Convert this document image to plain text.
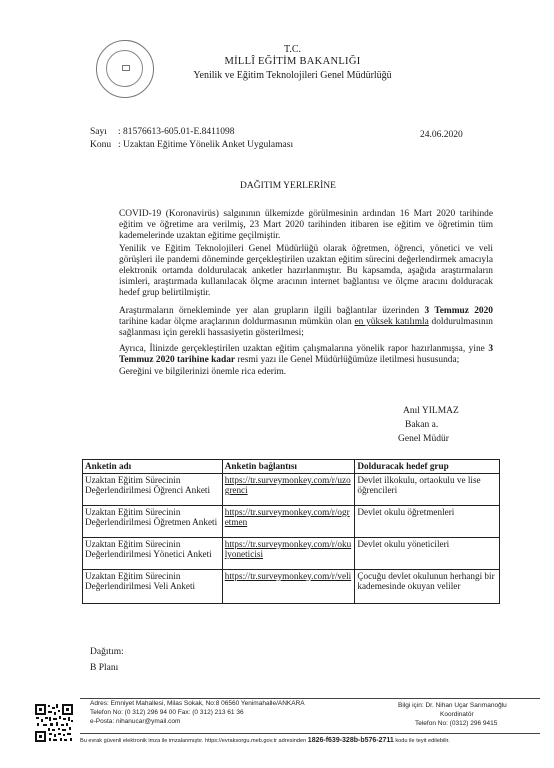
T.C.
MİLLÎ EĞİTİM BAKANLIĞI
Yenilik ve Eğitim Teknolojileri Genel Müdürlüğü
Sayı : 81576613-605.01-E.8411098	24.06.2020
Konu : Uzaktan Eğitime Yönelik Anket Uygulaması
DAĞITIM YERLERİNE
COVID-19 (Koronavirüs) salgınının ülkemizde görülmesinin ardından 16 Mart 2020 tarihinde eğitim ve öğretime ara verilmiş, 23 Mart 2020 tarihinden itibaren ise eğitim ve öğretimin tüm kademelerinde uzaktan eğitime geçilmiştir.
Yenilik ve Eğitim Teknolojileri Genel Müdürlüğü olarak öğretmen, öğrenci, yönetici ve veli görüşleri ile pandemi döneminde gerçekleştirilen uzaktan eğitim sürecini değerlendirmek amacıyla elektronik ortamda doldurulacak anketler hazırlanmıştır. Bu kapsamda, aşağıda araştırmaların isimleri, araştırmada kullanılacak ölçme aracının internet bağlantısı ve ölçme aracını dolduracak hedef grup belirtilmiştir.
Araştırmaların örnekleminde yer alan grupların ilgili bağlantılar üzerinden 3 Temmuz 2020 tarihine kadar ölçme araçlarının doldurmasının mümkün olan en yüksek katılımla doldurulmasının sağlanması için gerekli hassasiyetin gösterilmesi;
Ayrıca, İlinizde gerçekleştirilen uzaktan eğitim çalışmalarına yönelik rapor hazırlanmışsa, yine 3 Temmuz 2020 tarihine kadar resmi yazı ile Genel Müdürlüğümüze iletilmesi hususunda;
Gereğini ve bilgilerinizi önemle rica ederim.
Anıl YILMAZ
Bakan a.
Genel Müdür
Anketin adı	Anketin bağlantısı	Dolduracak hedef grup
Uzaktan Eğitim Sürecinin Değerlendirilmesi Öğrenci Anketi	https://tr.surveymonkey.com/r/uzogrenci	Devlet ilkokulu, ortaokulu ve lise öğrencileri
Uzaktan Eğitim Sürecinin Değerlendirilmesi Öğretmen Anketi	https://tr.surveymonkey.com/r/ogretmen	Devlet okulu öğretmenleri
Uzaktan Eğitim Sürecinin Değerlendirilmesi Yönetici Anketi	https://tr.surveymonkey.com/r/okulyoneticisi	Devlet okulu yöneticileri
Uzaktan Eğitim Sürecinin Değerlendirilmesi Veli Anketi	https://tr.surveymonkey.com/r/veli	Çocuğu devlet okulunun herhangi bir kademesinde okuyan veliler
Dağıtım:
B Planı
Adres: Emniyet Mahallesi, Milas Sokak, No:8 06560 Yenimahalle/ANKARA
Telefon No: (0 312) 296 94 00 Fax: (0 312) 213 61 36
e-Posta: nihanucar@ymail.com
Bilgi için: Dr. Nihan Uçar Sarımanoğlu
Koordinatör
Telefon No: (0312) 296 9415
Bu evrak güvenli elektronik imza ile imzalanmıştır. https://evraksorgu.meb.gov.tr adresinden 1826-f639-328b-b576-2711 kodu ile teyit edilebilir.
